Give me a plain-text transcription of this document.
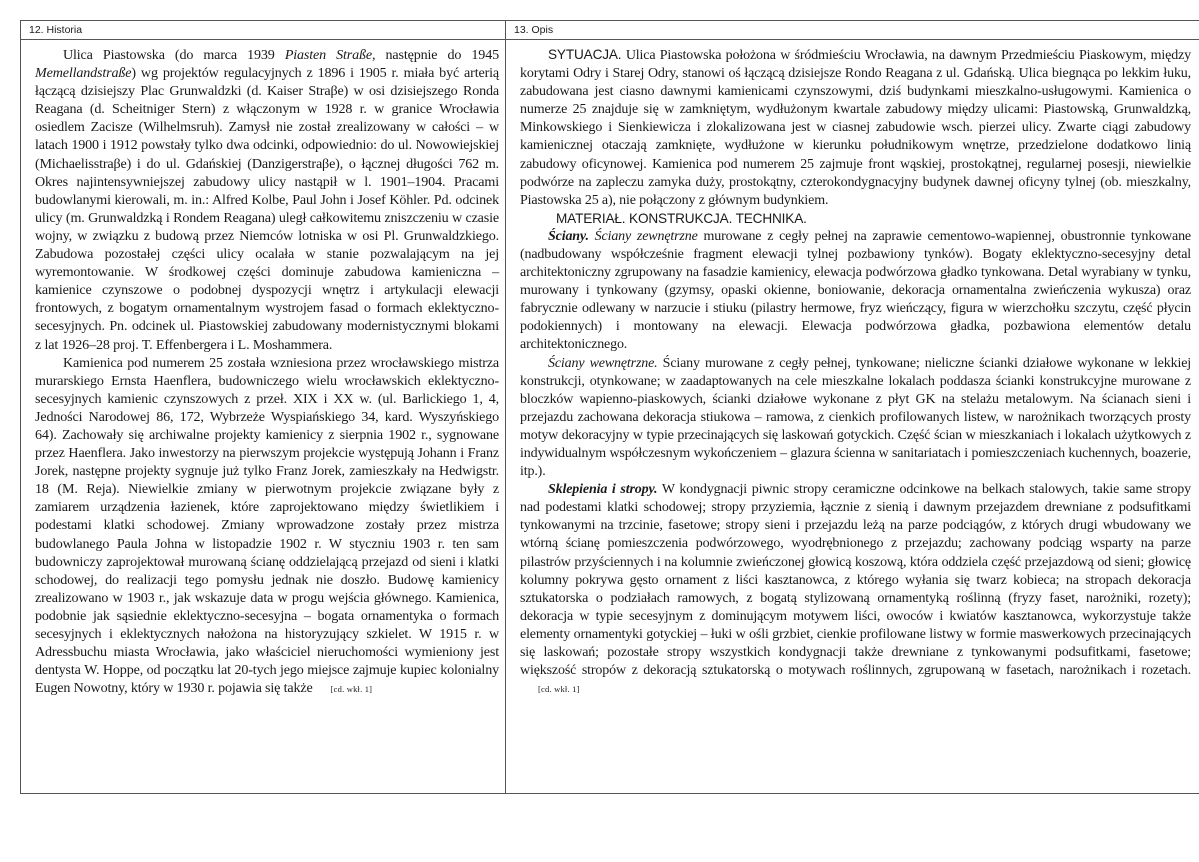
12. Historia

Ulica Piastowska (do marca 1939 Piasten Straße, następnie do 1945 Memellandstraße) wg projektów regulacyjnych z 1896 i 1905 r. miała być arterią łączącą dzisiejszy Plac Grunwaldzki (d. Kaiser Straβe) w osi dzisiejszego Ronda Reagana (d. Scheitniger Stern) z włączonym w 1928 r. w granice Wrocławia osiedlem Zacisze (Wilhelmsruh). Zamysł nie został zrealizowany w całości – w latach 1900 i 1912 powstały tylko dwa odcinki, odpowiednio: do ul. Nowowiejskiej (Michaelisstraβe) i do ul. Gdańskiej (Danzigerstraβe), o łącznej długości 762 m. Okres najintensywniejszej zabudowy ulicy nastąpił w l. 1901–1904. Pracami budowlanymi kierowali, m. in.: Alfred Kolbe, Paul John i Josef Köhler. Pd. odcinek ulicy (m. Grunwaldzką i Rondem Reagana) uległ całkowitemu zniszczeniu w czasie wojny, w związku z budową przez Niemców lotniska w osi Pl. Grunwaldzkiego. Zabudowa pozostałej części ulicy ocalała w stanie pozwalającym na jej wyremontowanie. W środkowej części dominuje zabudowa kamieniczna – kamienice czynszowe o podobnej dyspozycji wnętrz i artykulacji elewacji frontowych, z bogatym ornamentalnym wystrojem fasad o formach eklektyczno-secesyjnych. Pn. odcinek ul. Piastowskiej zabudowany modernistycznymi blokami z lat 1926–28 proj. T. Effenbergera i L. Moshammera.

Kamienica pod numerem 25 została wzniesiona przez wrocławskiego mistrza murarskiego Ernsta Haenflera, budowniczego wielu wrocławskich eklektyczno-secesyjnych kamienic czynszowych z przeł. XIX i XX w. (ul. Barlickiego 1, 4, Jedności Narodowej 86, 172, Wybrzeże Wyspiańskiego 34, kard. Wyszyńskiego 64). Zachowały się archiwalne projekty kamienicy z sierpnia 1902 r., sygnowane przez Haenflera. Jako inwestorzy na pierwszym projekcie występują Johann i Franz Jorek, następne projekty sygnuje już tylko Franz Jorek, zamieszkały na Hedwigstr. 18 (M. Reja). Niewielkie zmiany w pierwotnym projekcie związane były z zamiarem urządzenia łazienek, które zaprojektowano między świetlikiem i podestami klatki schodowej. Zmiany wprowadzone zostały przez mistrza budowlanego Paula Johna w listopadzie 1902 r. W styczniu 1903 r. ten sam budowniczy zaprojektował murowaną ścianę oddzielającą przejazd od sieni i klatki schodowej, do realizacji tego pomysłu jednak nie doszło. Budowę kamienicy zrealizowano w 1903 r., jak wskazuje data w progu wejścia głównego. Kamienica, podobnie jak sąsiednie eklektyczno-secesyjna – bogata ornamentyka o formach secesyjnych i eklektycznych nałożona na historyzujący szkielet. W 1915 r. w Adressbuchu miasta Wrocławia, jako właściciel nieruchomości wymieniony jest dentysta W. Hoppe, od początku lat 20-tych jego miejsce zajmuje kupiec kolonialny Eugen Nowotny, który w 1930 r. pojawia się także [cd. wkł. 1]

13. Opis

SYTUACJA. Ulica Piastowska położona w śródmieściu Wrocławia, na dawnym Przedmieściu Piaskowym, między korytami Odry i Starej Odry, stanowi oś łączącą dzisiejsze Rondo Reagana z ul. Gdańską. Ulica biegnąca po lekkim łuku, zabudowana jest ciasno dawnymi kamienicami czynszowymi, dziś budynkami mieszkalno-usługowymi. Kamienica o numerze 25 znajduje się w zamkniętym, wydłużonym kwartale zabudowy między ulicami: Piastowską, Grunwaldzką, Minkowskiego i Sienkiewicza i zlokalizowana jest w ciasnej zabudowie wsch. pierzei ulicy. Zwarte ciągi zabudowy kamienicznej otaczają zamknięte, wydłużone w kierunku południkowym wnętrze, przedzielone dodatkowo linią zabudowy oficynowej. Kamienica pod numerem 25 zajmuje front wąskiej, prostokątnej, regularnej posesji, niewielkie podwórze na zapleczu zamyka duży, prostokątny, czterokondygnacyjny budynek dawnej oficyny tylnej (ob. mieszkalny, Piastowska 25 a), nie połączony z głównym budynkiem.

MATERIAŁ. KONSTRUKCJA. TECHNIKA.

Ściany. Ściany zewnętrzne murowane z cegły pełnej na zaprawie cementowo-wapiennej, obustronnie tynkowane (nadbudowany współcześnie fragment elewacji tylnej pozbawiony tynków). Bogaty eklektyczno-secesyjny detal architektoniczny zgrupowany na fasadzie kamienicy, elewacja podwórzowa gładko tynkowana. Detal wyrabiany w tynku, murowany i tynkowany (gzymsy, opaski okienne, boniowanie, dekoracja ornamentalna zwieńczenia wykusza) oraz fabrycznie odlewany w narzucie i stiuku (pilastry hermowe, fryz wieńczący, figura w wierzchołku szczytu, część płycin podokiennych) i montowany na elewacji. Elewacja podwórzowa gładka, pozbawiona elementów detalu architektonicznego.

Ściany wewnętrzne. Ściany murowane z cegły pełnej, tynkowane; nieliczne ścianki działowe wykonane w lekkiej konstrukcji, otynkowane; w zaadaptowanych na cele mieszkalne lokalach poddasza ścianki konstrukcyjne murowane z bloczków wapienno-piaskowych, ścianki działowe wykonane z płyt GK na stelażu metalowym. Na ścianach sieni i przejazdu zachowana dekoracja stiukowa – ramowa, z cienkich profilowanych listew, w narożnikach tworzących prosty motyw dekoracyjny w typie przecinających się laskowań gotyckich. Część ścian w mieszkaniach i lokalach użytkowych z indywidualnym współczesnym wykończeniem – glazura ścienna w sanitariatach i pomieszczeniach kuchennych, boazerie, itp.).

Sklepienia i stropy. W kondygnacji piwnic stropy ceramiczne odcinkowe na belkach stalowych, takie same stropy nad podestami klatki schodowej; stropy przyziemia, łącznie z sienią i dawnym przejazdem drewniane z podsufitkami tynkowanymi na trzcinie, fasetowe; stropy sieni i przejazdu leżą na parze podciągów, z których drugi wbudowany we wtórną ścianę pomieszczenia podwórzowego, wyodrębnionego z przejazdu; zachowany podciąg wsparty na parze pilastrów przyściennych i na kolumnie zwieńczonej głowicą koszową, która oddziela część przejazdową od sieni; głowicę kolumny pokrywa gęsto ornament z liści kasztanowca, z którego wyłania się twarz kobieca; na stropach dekoracja sztukatorska o podziałach ramowych, z bogatą stylizowaną ornamentyką roślinną (fryzy faset, narożniki, rozety); dekoracja w typie secesyjnym z dominującym motywem liści, owoców i kwiatów kasztanowca, wykorzystuje także elementy ornamentyki gotyckiej – łuki w ośli grzbiet, cienkie profilowane listwy w formie maswerkowych przecinających się laskowań; pozostałe stropy wszystkich kondygnacji także drewniane z tynkowanymi podsufitkami, fasetowe; większość stropów z dekoracją sztukatorską o motywach roślinnych, zgrupowaną w fasetach, narożnikach i rozetach.[cd. wkł. 1]
